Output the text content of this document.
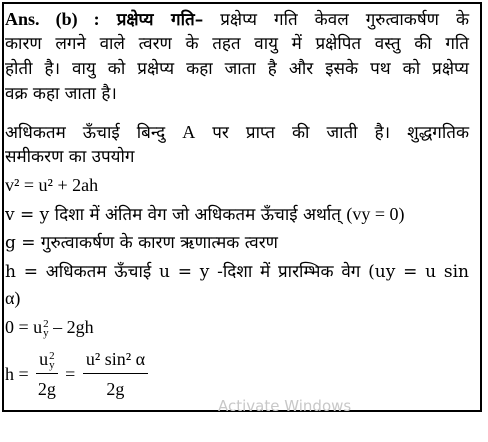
Ans. (b) : प्रक्षेप्य गति– प्रक्षेप्य गति केवल गुरुत्वाकर्षण के
कारण लगने वाले त्वरण के तहत वायु में प्रक्षेपित वस्तु की गति
होती है। वायु को प्रक्षेप्य कहा जाता है और इसके पथ को प्रक्षेप्य
वक्र कहा जाता है।
अधिकतम ऊँचाई बिन्दु A पर प्राप्त की जाती है। शुद्धगतिक
समीकरण का उपयोग
v² = u² + 2ah
v = y दिशा में अंतिम वेग जो अधिकतम ऊँचाई अर्थात् (vy = 0)
g = गुरुत्वाकर्षण के कारण ऋणात्मक त्वरण
h = अधिकतम ऊँचाई u = y -दिशा में प्रारम्भिक वेग (uy = u sin
α)
0 = u 2
y – 2gh
h = u 2
y
$2g = \frac{\text{u² sin² α}}{2g}$
Activate Windows
